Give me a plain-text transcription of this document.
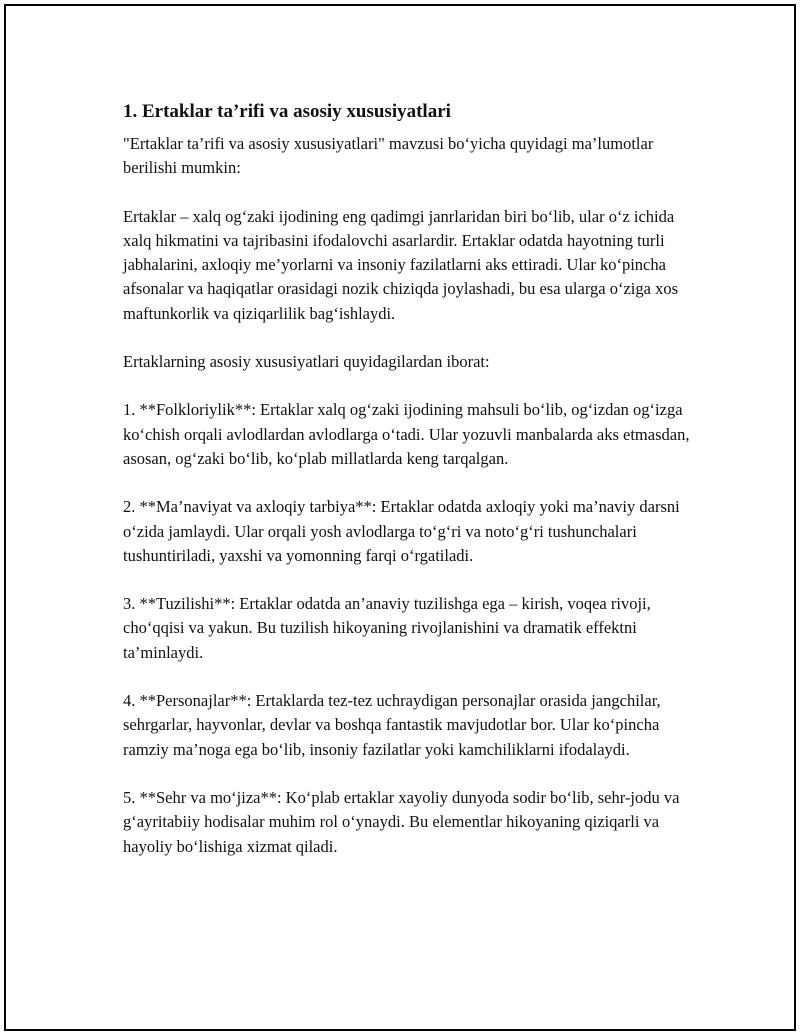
1. Ertaklar ta’rifi va asosiy xususiyatlari

"Ertaklar ta’rifi va asosiy xususiyatlari" mavzusi bo‘yicha quyidagi ma’lumotlar berilishi mumkin:

Ertaklar – xalq og‘zaki ijodining eng qadimgi janrlaridan biri bo‘lib, ular o‘z ichida xalq hikmatini va tajribasini ifodalovchi asarlardir. Ertaklar odatda hayotning turli jabhalarini, axloqiy me’yorlarni va insoniy fazilatlarni aks ettiradi. Ular ko‘pincha afsonalar va haqiqatlar orasidagi nozik chiziqda joylashadi, bu esa ularga o‘ziga xos maftunkorlik va qiziqarlilik bag‘ishlaydi.

Ertaklarning asosiy xususiyatlari quyidagilardan iborat:

1. **Folkloriylik**: Ertaklar xalq og‘zaki ijodining mahsuli bo‘lib, og‘izdan og‘izga ko‘chish orqali avlodlardan avlodlarga o‘tadi. Ular yozuvli manbalarda aks etmasdan, asosan, og‘zaki bo‘lib, ko‘plab millatlarda keng tarqalgan.

2. **Ma’naviyat va axloqiy tarbiya**: Ertaklar odatda axloqiy yoki ma’naviy darsni o‘zida jamlaydi. Ular orqali yosh avlodlarga to‘g‘ri va noto‘g‘ri tushunchalari tushuntiriladi, yaxshi va yomonning farqi o‘rgatiladi.

3. **Tuzilishi**: Ertaklar odatda an’anaviy tuzilishga ega – kirish, voqea rivoji, cho‘qqisi va yakun. Bu tuzilish hikoyaning rivojlanishini va dramatik effektni ta’minlaydi.

4. **Personajlar**: Ertaklarda tez-tez uchraydigan personajlar orasida jangchilar, sehrgarlar, hayvonlar, devlar va boshqa fantastik mavjudotlar bor. Ular ko‘pincha ramziy ma’noga ega bo‘lib, insoniy fazilatlar yoki kamchiliklarni ifodalaydi.

5. **Sehr va mo‘jiza**: Ko‘plab ertaklar xayoliy dunyoda sodir bo‘lib, sehr-jodu va g‘ayritabiiy hodisalar muhim rol o‘ynaydi. Bu elementlar hikoyaning qiziqarli va hayoliy bo‘lishiga xizmat qiladi.
